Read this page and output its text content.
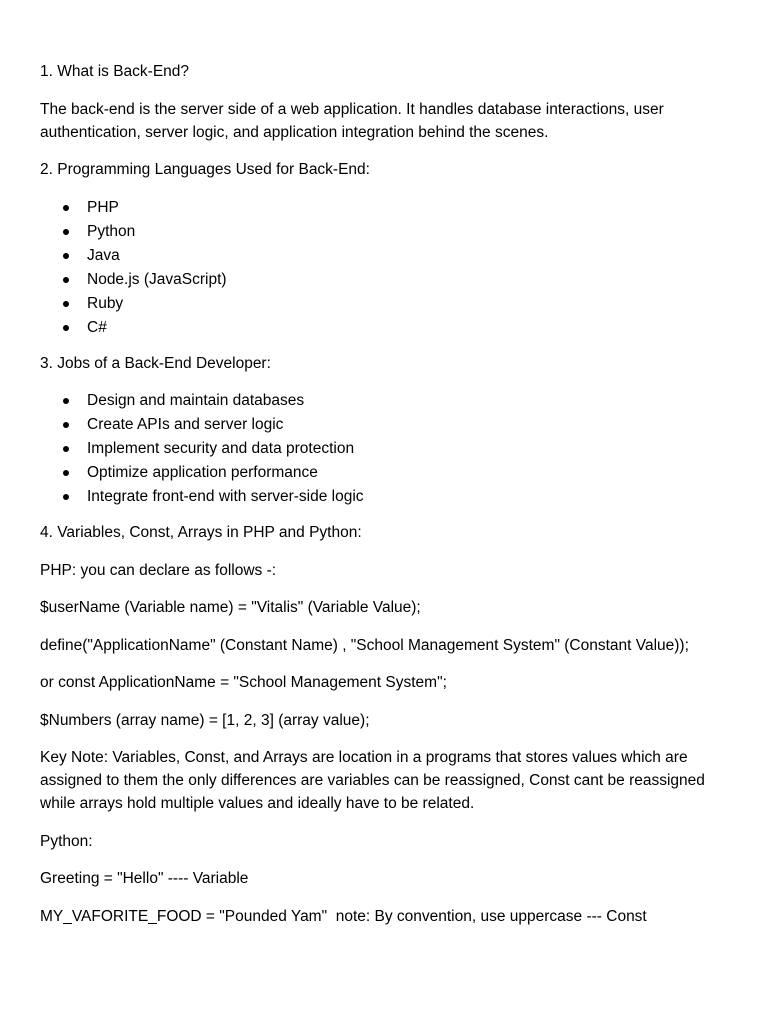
1. What is Back-End?

The back-end is the server side of a web application. It handles database interactions, user authentication, server logic, and application integration behind the scenes.

2. Programming Languages Used for Back-End:

PHP
Python
Java
Node.js (JavaScript)
Ruby
C#

3. Jobs of a Back-End Developer:

Design and maintain databases
Create APIs and server logic
Implement security and data protection
Optimize application performance
Integrate front-end with server-side logic

4. Variables, Const, Arrays in PHP and Python:

PHP: you can declare as follows -:

$userName (Variable name) = "Vitalis" (Variable Value);

define("ApplicationName" (Constant Name) , "School Management System" (Constant Value));

or const ApplicationName = "School Management System";

$Numbers (array name) = [1, 2, 3] (array value);

Key Note: Variables, Const, and Arrays are location in a programs that stores values which are assigned to them the only differences are variables can be reassigned, Const cant be reassigned while arrays hold multiple values and ideally have to be related.

Python:

Greeting = "Hello" ---- Variable

MY_VAFORITE_FOOD = "Pounded Yam"  note: By convention, use uppercase --- Const
